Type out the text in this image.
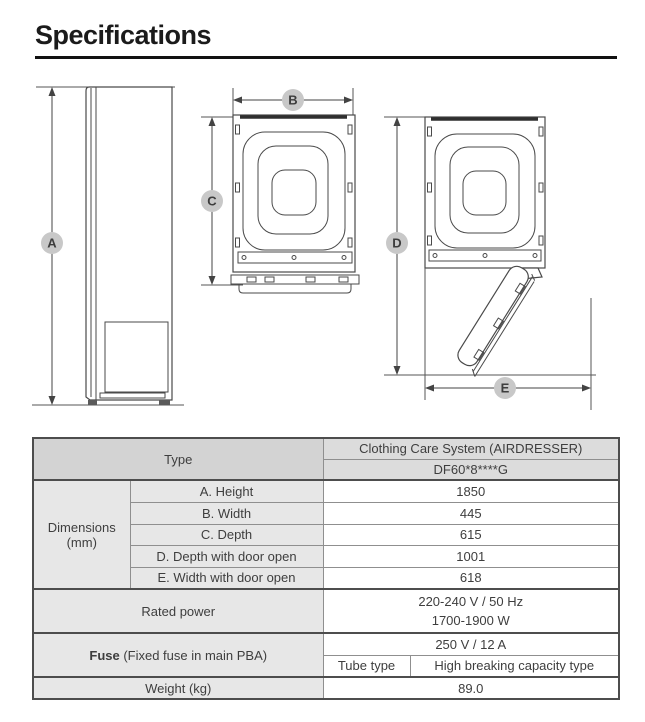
Specifications
A
B
C
D
E
Type		Clothing Care System (AIRDRESSER)	
		DF60*8****G	

Dimensions
(mm)	A. Height	1850	
	B. Width	445	
	C. Depth	615	
	D. Depth with door open	1001	
	E. Width with door open	618	
Rated power		220-240 V / 50 Hz
1700-1900 W	

Fuse (Fixed fuse in main PBA)		250 V / 12 A	
		Tube type	High breaking capacity type
Weight (kg)		89.0	
